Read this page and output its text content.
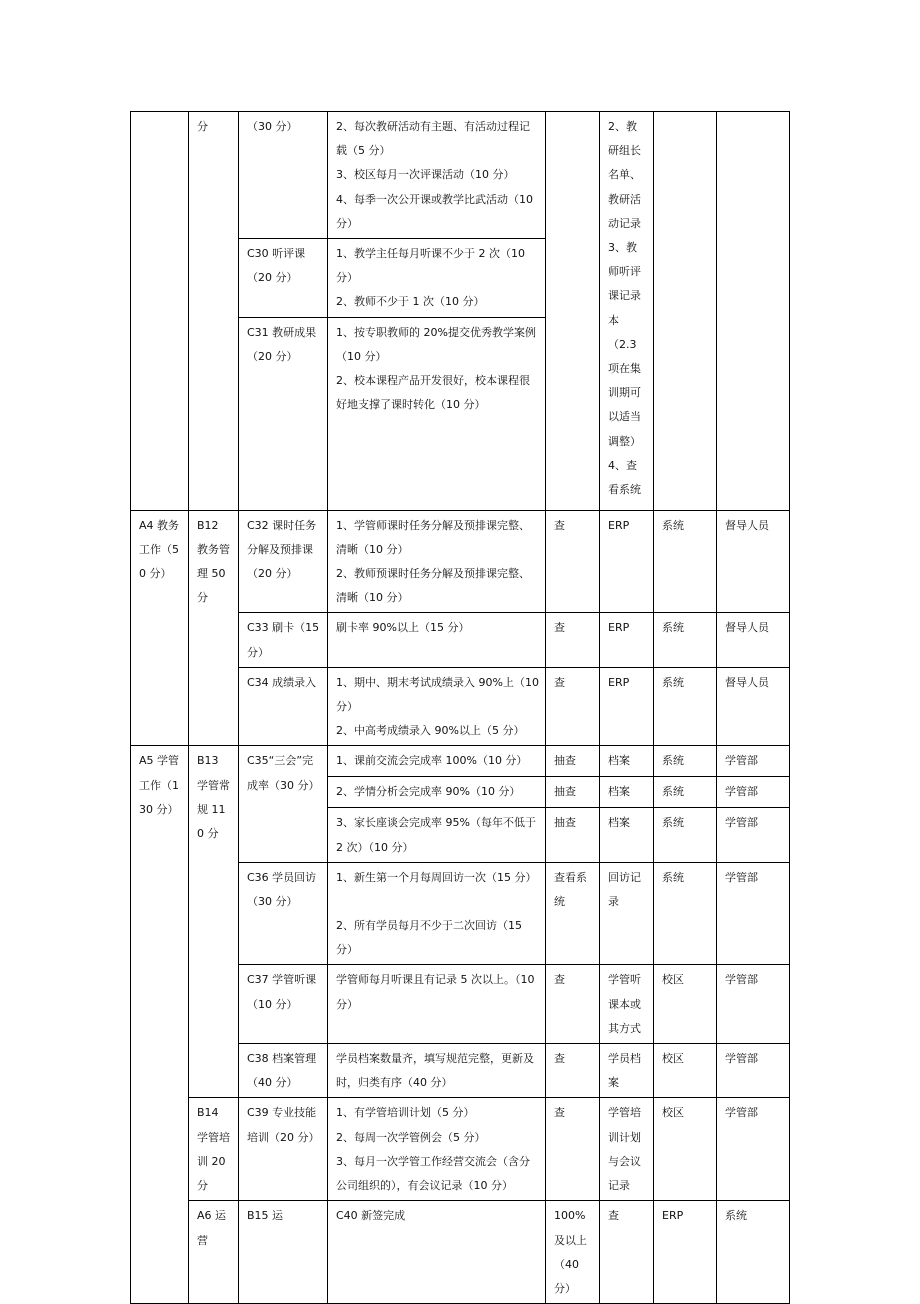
	分	（30 分）	2、每次教研活动有主题、有活动过程记载（5 分）
3、校区每月一次评课活动（10 分）
4、每季一次公开课或教学比武活动（10 分）		2、教研组长名单、教研活动记录
3、教师听评课记录本
（2.3 项在集训期可以适当调整）
4、查看系统			

		C30 听评课（20 分）	1、教学主任每月听课不少于 2 次（10 分）
2、教师不少于 1 次（10 分）					

		C31 教研成果（20 分）	1、按专职教师的 20%提交优秀教学案例（10 分）
2、校本课程产品开发很好，校本课程很好地支撑了课时转化（10 分）					

A4 教务工作（50 分）	B12 教务管理 50 分	C32 课时任务分解及预排课（20 分）	1、学管师课时任务分解及预排课完整、清晰（10 分）
2、教师预课时任务分解及预排课完整、清晰（10 分）	查	ERP	系统	督导人员	

		C33 刷卡（15 分）	刷卡率 90%以上（15 分）	查	ERP	系统	督导人员	

		C34 成绩录入	1、期中、期末考试成绩录入 90%上（10 分）
2、中高考成绩录入 90%以上（5 分）	查	ERP	系统	督导人员	

A5 学管工作（130 分）	B13 学管常规 110 分	C35“三会”完成率（30 分）	1、课前交流会完成率 100%（10 分）	抽查	档案	系统	学管部	

			2、学情分析会完成率 90%（10 分）	抽查	档案	系统	学管部	

			3、家长座谈会完成率 95%（每年不低于 2 次）（10 分）	抽查	档案	系统	学管部	

		C36 学员回访（30 分）	1、新生第一个月每周回访一次（15 分）
2、所有学员每月不少于二次回访（15 分）	查看系统	回访记录	系统	学管部	

		C37 学管听课（10 分）	学管师每月听课且有记录 5 次以上。（10 分）	查	学管听课本或其方式	校区	学管部	

		C38 档案管理（40 分）	学员档案数量齐，填写规范完整，更新及时，归类有序（40 分）	查	学员档案	校区	学管部	

	B14 学管培训 20 分	C39 专业技能培训（20 分）	1、有学管培训计划（5 分）
2、每周一次学管例会（5 分）
3、每月一次学管工作经营交流会（含分公司组织的），有会议记录（10 分）	查	学管培训计划与会议记录	校区	学管部	

	A6 运营	B15 运	C40 新签完成	100%及以上（40 分）	查	ERP	系统
